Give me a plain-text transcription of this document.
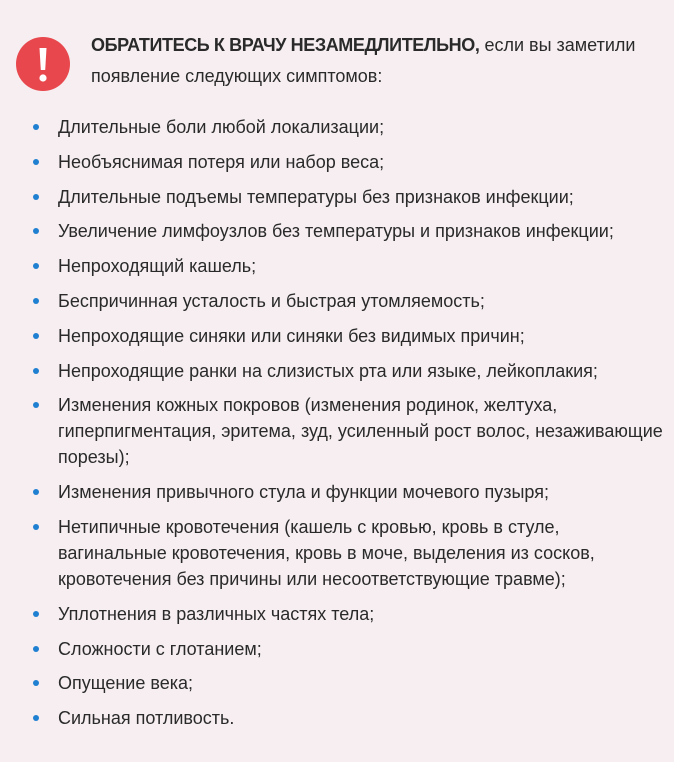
ОБРАТИТЕСЬ К ВРАЧУ НЕЗАМЕДЛИТЕЛЬНО, если вы заметили появление следующих симптомов:
Длительные боли любой локализации;
Необъяснимая потеря или набор веса;
Длительные подъемы температуры без признаков инфекции;
Увеличение лимфоузлов без температуры и признаков инфекции;
Непроходящий кашель;
Беспричинная усталость и быстрая утомляемость;
Непроходящие синяки или синяки без видимых причин;
Непроходящие ранки на слизистых рта или языке, лейкоплакия;
Изменения кожных покровов (изменения родинок, желтуха, гиперпигментация, эритема, зуд, усиленный рост волос, незаживающие порезы);
Изменения привычного стула и функции мочевого пузыря;
Нетипичные кровотечения (кашель с кровью, кровь в стуле, вагинальные кровотечения, кровь в моче, выделения из сосков, кровотечения без причины или несоответствующие травме);
Уплотнения в различных частях тела;
Сложности с глотанием;
Опущение века;
Сильная потливость.
